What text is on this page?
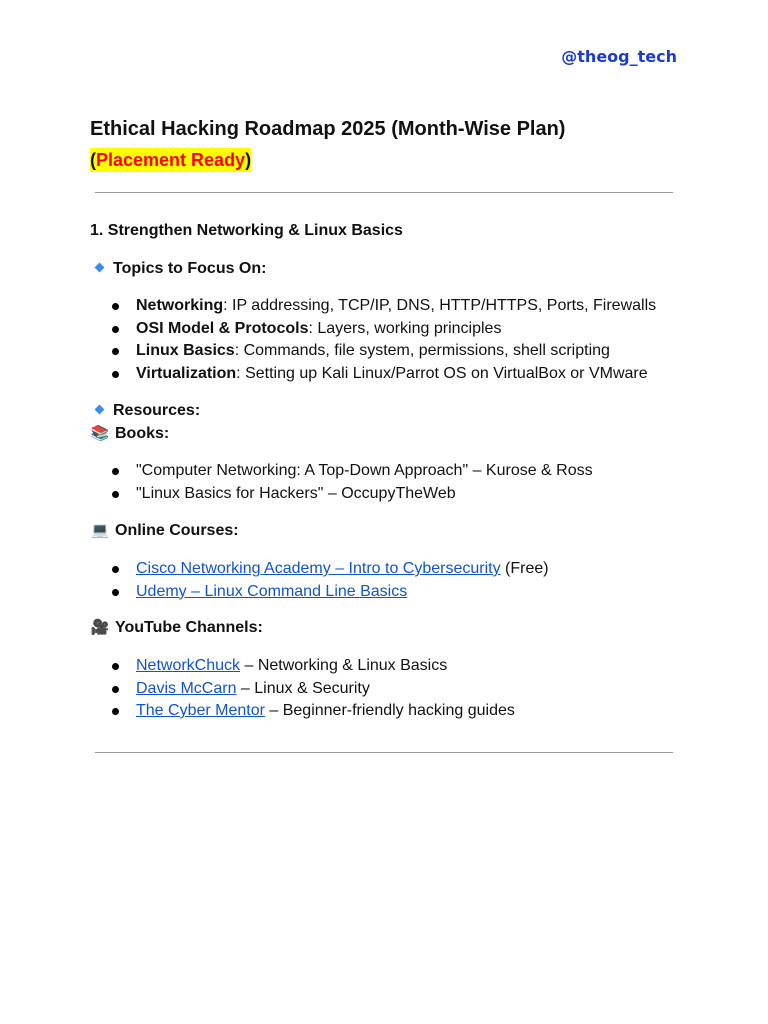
@theog_tech
Ethical Hacking Roadmap 2025 (Month-Wise Plan)
(Placement Ready)
1. Strengthen Networking & Linux Basics
Topics to Focus On:
Networking: IP addressing, TCP/IP, DNS, HTTP/HTTPS, Ports, Firewalls
OSI Model & Protocols: Layers, working principles
Linux Basics: Commands, file system, permissions, shell scripting
Virtualization: Setting up Kali Linux/Parrot OS on VirtualBox or VMware
Resources:
📚 Books:
"Computer Networking: A Top-Down Approach" – Kurose & Ross
"Linux Basics for Hackers" – OccupyTheWeb
💻 Online Courses:
Cisco Networking Academy – Intro to Cybersecurity (Free)
Udemy – Linux Command Line Basics
🎥 YouTube Channels:
NetworkChuck – Networking & Linux Basics
Davis McCarn – Linux & Security
The Cyber Mentor – Beginner-friendly hacking guides
